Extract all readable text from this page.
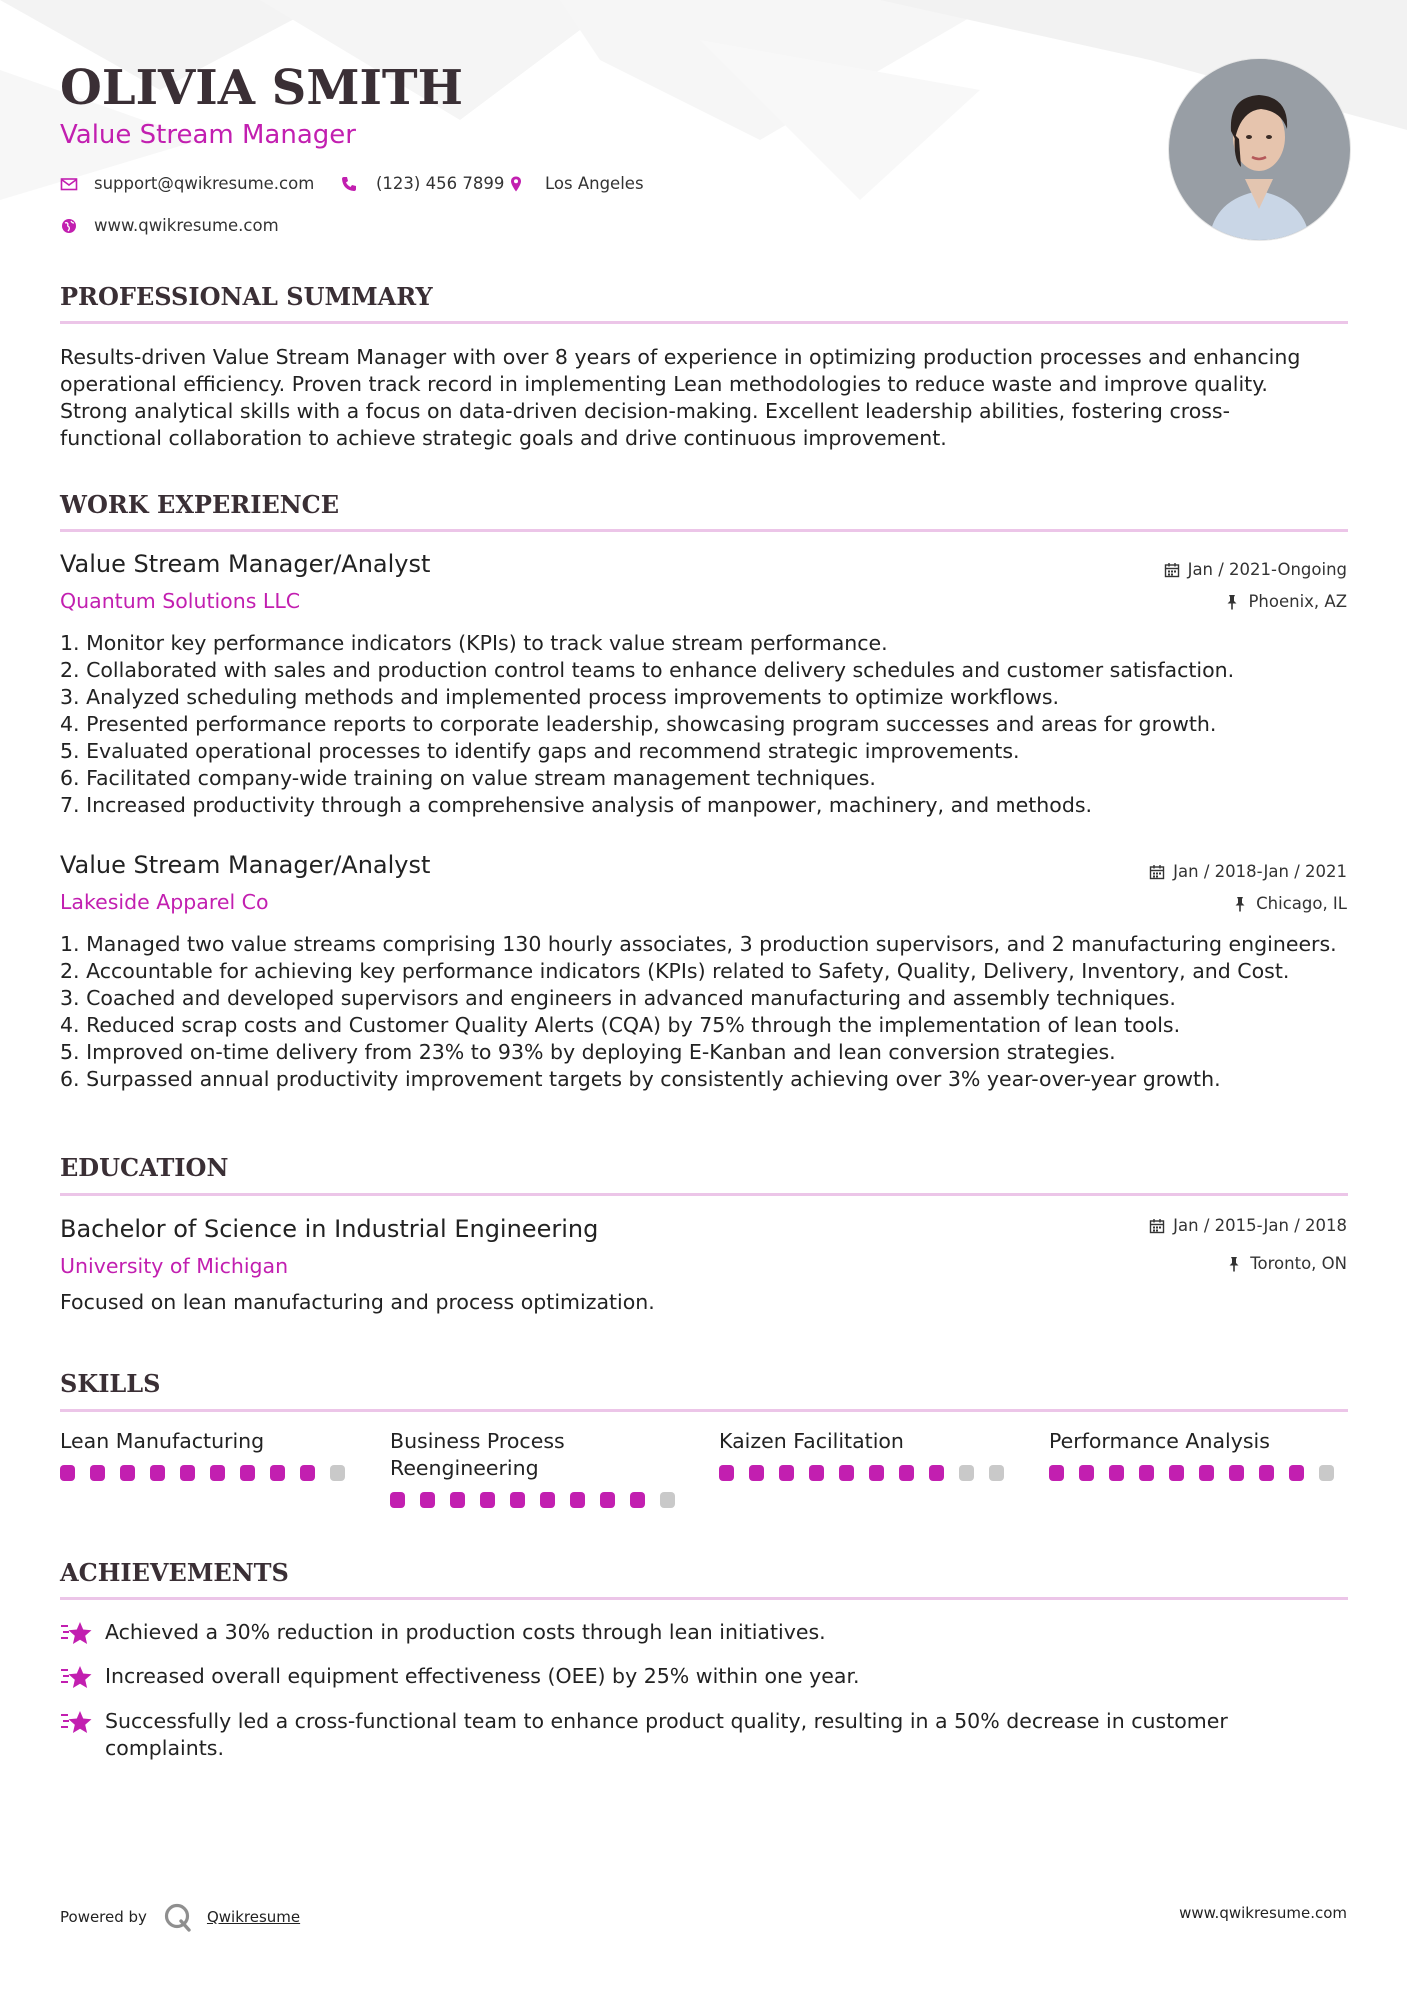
OLIVIA SMITH
Value Stream Manager
support@qwikresume.com	(123) 456 7899 Los Angeles
www.qwikresume.com
PROFESSIONAL SUMMARY
Results-driven Value Stream Manager with over 8 years of experience in optimizing production processes and enhancing
operational efficiency. Proven track record in implementing Lean methodologies to reduce waste and improve quality.
Strong analytical skills with a focus on data-driven decision-making. Excellent leadership abilities, fostering cross-
functional collaboration to achieve strategic goals and drive continuous improvement.
WORK EXPERIENCE
Value Stream Manager/Analyst	Jan / 2021-Ongoing
Quantum Solutions LLC	Phoenix, AZ
1. Monitor key performance indicators (KPIs) to track value stream performance.
2. Collaborated with sales and production control teams to enhance delivery schedules and customer satisfaction.
3. Analyzed scheduling methods and implemented process improvements to optimize workflows.
4. Presented performance reports to corporate leadership, showcasing program successes and areas for growth.
5. Evaluated operational processes to identify gaps and recommend strategic improvements.
6. Facilitated company-wide training on value stream management techniques.
7. Increased productivity through a comprehensive analysis of manpower, machinery, and methods.
Value Stream Manager/Analyst	Jan / 2018-Jan / 2021
Lakeside Apparel Co	Chicago, IL
1. Managed two value streams comprising 130 hourly associates, 3 production supervisors, and 2 manufacturing engineers.
2. Accountable for achieving key performance indicators (KPIs) related to Safety, Quality, Delivery, Inventory, and Cost.
3. Coached and developed supervisors and engineers in advanced manufacturing and assembly techniques.
4. Reduced scrap costs and Customer Quality Alerts (CQA) by 75% through the implementation of lean tools.
5. Improved on-time delivery from 23% to 93% by deploying E-Kanban and lean conversion strategies.
6. Surpassed annual productivity improvement targets by consistently achieving over 3% year-over-year growth.
EDUCATION
Bachelor of Science in Industrial Engineering	Jan / 2015-Jan / 2018
University of Michigan	Toronto, ON
Focused on lean manufacturing and process optimization.
SKILLS
Lean Manufacturing	Business Process
Reengineering
Kaizen Facilitation	Performance Analysis
ACHIEVEMENTS
Achieved a 30% reduction in production costs through lean initiatives.
Increased overall equipment effectiveness (OEE) by 25% within one year.
Successfully led a cross-functional team to enhance product quality, resulting in a 50% decrease in customer
complaints.
Powered by	Qwikresume	www.qwikresume.com
